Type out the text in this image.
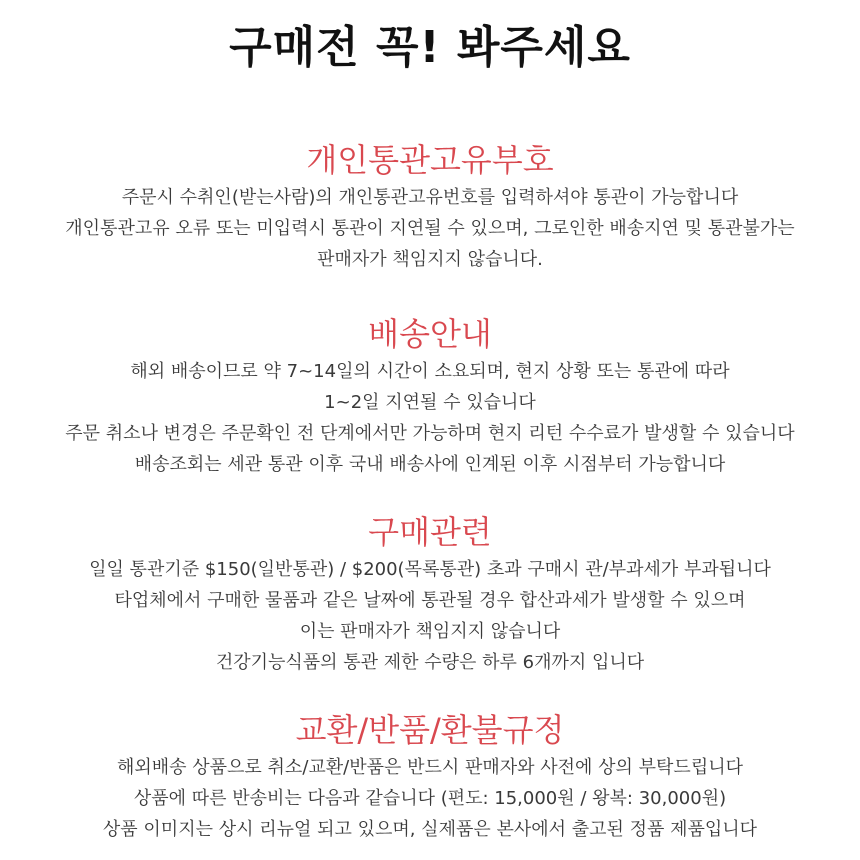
구매전 꼭! 봐주세요
개인통관고유부호
주문시 수취인(받는사람)의 개인통관고유번호를 입력하셔야 통관이 가능합니다
개인통관고유 오류 또는 미입력시 통관이 지연될 수 있으며, 그로인한 배송지연 및 통관불가는
판매자가 책임지지 않습니다.
배송안내
해외 배송이므로 약 7~14일의 시간이 소요되며, 현지 상황 또는 통관에 따라
1~2일 지연될 수 있습니다
주문 취소나 변경은 주문확인 전 단계에서만 가능하며 현지 리턴 수수료가 발생할 수 있습니다
배송조회는 세관 통관 이후 국내 배송사에 인계된 이후 시점부터 가능합니다
구매관련
일일 통관기준 $150(일반통관) / $200(목록통관) 초과 구매시 관/부과세가 부과됩니다
타업체에서 구매한 물품과 같은 날짜에 통관될 경우 합산과세가 발생할 수 있으며
이는 판매자가 책임지지 않습니다
건강기능식품의 통관 제한 수량은 하루 6개까지 입니다
교환/반품/환불규정
해외배송 상품으로 취소/교환/반품은 반드시 판매자와 사전에 상의 부탁드립니다
상품에 따른 반송비는 다음과 같습니다 (편도: 15,000원 / 왕복: 30,000원)
상품 이미지는 상시 리뉴얼 되고 있으며, 실제품은 본사에서 출고된 정품 제품입니다
